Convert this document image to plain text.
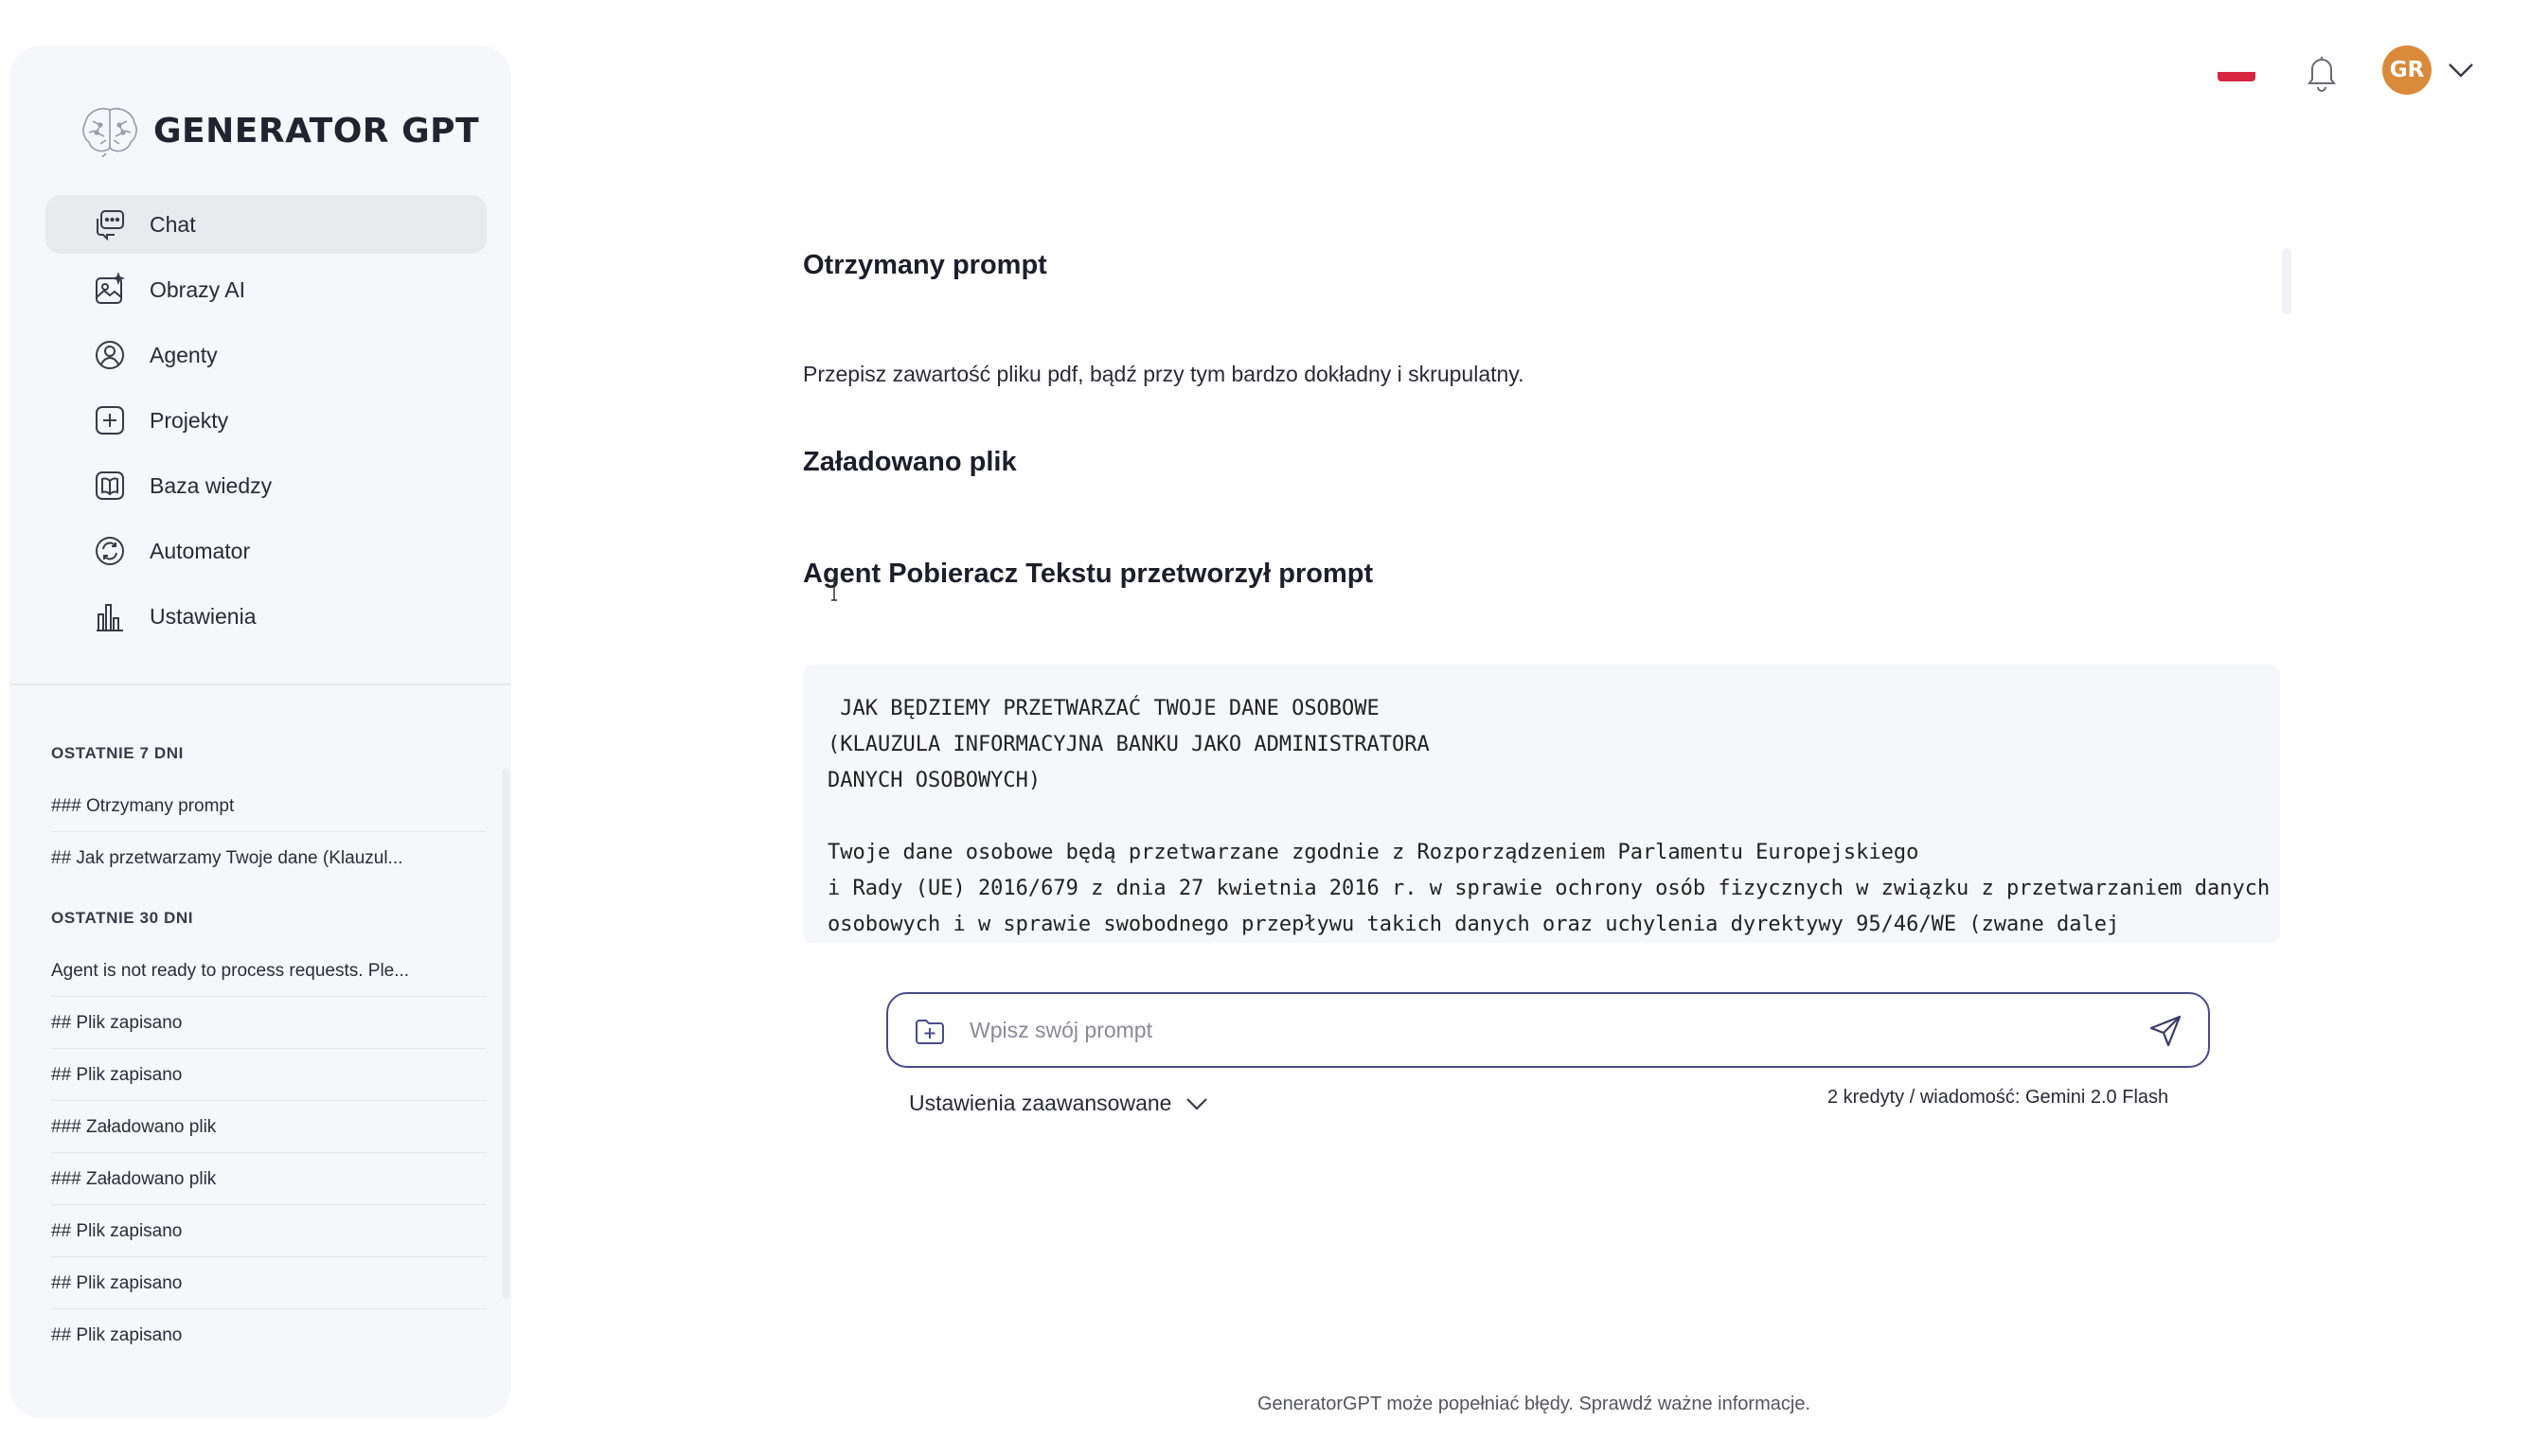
GENERATOR GPT
Chat
Obrazy AI
Agenty
Projekty
Baza wiedzy
Automator
Ustawienia
OSTATNIE 7 DNI
### Otrzymany prompt
## Jak przetwarzamy Twoje dane (Klauzul...
OSTATNIE 30 DNI
Agent is not ready to process requests. Ple...
## Plik zapisano
## Plik zapisano
### Załadowano plik
### Załadowano plik
## Plik zapisano
## Plik zapisano
## Plik zapisano
GR
Otrzymany prompt
Przepisz zawartość pliku pdf, bądź przy tym bardzo dokładny i skrupulatny.
Załadowano plik
Agent Pobieracz Tekstu przetworzył prompt
JAK BĘDZIEMY PRZETWARZAĆ TWOJE DANE OSOBOWE
(KLAUZULA INFORMACYJNA BANKU JAKO ADMINISTRATORA
DANYCH OSOBOWYCH)

Twoje dane osobowe będą przetwarzane zgodnie z Rozporządzeniem Parlamentu Europejskiego
i Rady (UE) 2016/679 z dnia 27 kwietnia 2016 r. w sprawie ochrony osób fizycznych w związku z przetwarzaniem danych
osobowych i w sprawie swobodnego przepływu takich danych oraz uchylenia dyrektywy 95/46/WE (zwane dalej
Wpisz swój prompt
Ustawienia zaawansowane	2 kredyty / wiadomość: Gemini 2.0 Flash
GeneratorGPT może popełniać błędy. Sprawdź ważne informacje.
